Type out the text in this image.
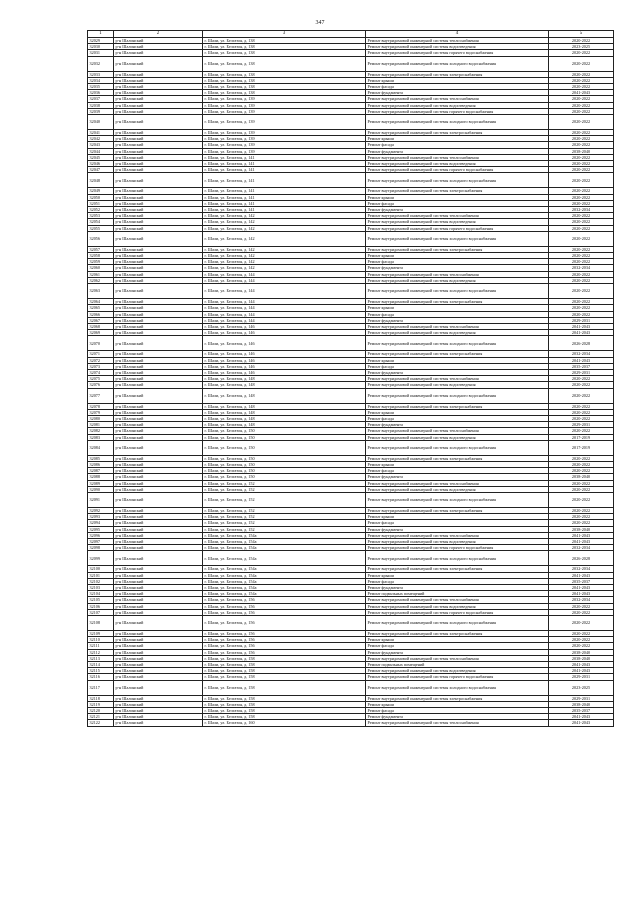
347
1	2	3	4	5
32029	р-н Шалинский	г. Шали, ул. Белгатоя, д. 138	Ремонт внутридомовой инженерной системы теплоснабжения	2020-2022
32030	р-н Шалинский	г. Шали, ул. Белгатоя, д. 138	Ремонт внутридомовой инженерной системы водоотведения	2023-2025
32031	р-н Шалинский	г. Шали, ул. Белгатоя, д. 138	Ремонт внутридомовой инженерной системы горячего водоснабжения	2020-2022
32032	р-н Шалинский	г. Шали, ул. Белгатоя, д. 138	Ремонт внутридомовой инженерной системы холодного водоснабжения	2020-2022
32033	р-н Шалинский	г. Шали, ул. Белгатоя, д. 138	Ремонт внутридомовой инженерной системы электроснабжения	2020-2022
32034	р-н Шалинский	г. Шали, ул. Белгатоя, д. 138	Ремонт крыши	2020-2022
32035	р-н Шалинский	г. Шали, ул. Белгатоя, д. 138	Ремонт фасада	2020-2022
32036	р-н Шалинский	г. Шали, ул. Белгатоя, д. 138	Ремонт фундамента	2041-2043
32037	р-н Шалинский	г. Шали, ул. Белгатоя, д. 139	Ремонт внутридомовой инженерной системы теплоснабжения	2020-2022
32038	р-н Шалинский	г. Шали, ул. Белгатоя, д. 139	Ремонт внутридомовой инженерной системы водоотведения	2020-2022
32039	р-н Шалинский	г. Шали, ул. Белгатоя, д. 139	Ремонт внутридомовой инженерной системы горячего водоснабжения	2020-2022
32040	р-н Шалинский	г. Шали, ул. Белгатоя, д. 139	Ремонт внутридомовой инженерной системы холодного водоснабжения	2020-2022
32041	р-н Шалинский	г. Шали, ул. Белгатоя, д. 139	Ремонт внутридомовой инженерной системы электроснабжения	2020-2022
32042	р-н Шалинский	г. Шали, ул. Белгатоя, д. 139	Ремонт крыши	2020-2022
32043	р-н Шалинский	г. Шали, ул. Белгатоя, д. 139	Ремонт фасада	2020-2022
32044	р-н Шалинский	г. Шали, ул. Белгатоя, д. 139	Ремонт фундамента	2038-2040
32045	р-н Шалинский	г. Шали, ул. Белгатоя, д. 141	Ремонт внутридомовой инженерной системы теплоснабжения	2020-2022
32046	р-н Шалинский	г. Шали, ул. Белгатоя, д. 141	Ремонт внутридомовой инженерной системы водоотведения	2020-2022
32047	р-н Шалинский	г. Шали, ул. Белгатоя, д. 141	Ремонт внутридомовой инженерной системы горячего водоснабжения	2020-2022
32048	р-н Шалинский	г. Шали, ул. Белгатоя, д. 141	Ремонт внутридомовой инженерной системы холодного водоснабжения	2020-2022
32049	р-н Шалинский	г. Шали, ул. Белгатоя, д. 141	Ремонт внутридомовой инженерной системы электроснабжения	2020-2022
32050	р-н Шалинский	г. Шали, ул. Белгатоя, д. 141	Ремонт крыши	2020-2022
32051	р-н Шалинский	г. Шали, ул. Белгатоя, д. 141	Ремонт фасада	2020-2022
32052	р-н Шалинский	г. Шали, ул. Белгатоя, д. 141	Ремонт фундамента	2032-2034
32053	р-н Шалинский	г. Шали, ул. Белгатоя, д. 142	Ремонт внутридомовой инженерной системы теплоснабжения	2020-2022
32054	р-н Шалинский	г. Шали, ул. Белгатоя, д. 142	Ремонт внутридомовой инженерной системы водоотведения	2020-2022
32055	р-н Шалинский	г. Шали, ул. Белгатоя, д. 142	Ремонт внутридомовой инженерной системы горячего водоснабжения	2020-2022
32056	р-н Шалинский	г. Шали, ул. Белгатоя, д. 142	Ремонт внутридомовой инженерной системы холодного водоснабжения	2020-2022
32057	р-н Шалинский	г. Шали, ул. Белгатоя, д. 142	Ремонт внутридомовой инженерной системы электроснабжения	2020-2022
32058	р-н Шалинский	г. Шали, ул. Белгатоя, д. 142	Ремонт крыши	2020-2022
32059	р-н Шалинский	г. Шали, ул. Белгатоя, д. 142	Ремонт фасада	2020-2022
32060	р-н Шалинский	г. Шали, ул. Белгатоя, д. 142	Ремонт фундамента	2032-2034
32061	р-н Шалинский	г. Шали, ул. Белгатоя, д. 144	Ремонт внутридомовой инженерной системы теплоснабжения	2020-2022
32062	р-н Шалинский	г. Шали, ул. Белгатоя, д. 144	Ремонт внутридомовой инженерной системы водоотведения	2020-2022
32063	р-н Шалинский	г. Шали, ул. Белгатоя, д. 144	Ремонт внутридомовой инженерной системы холодного водоснабжения	2020-2022
32064	р-н Шалинский	г. Шали, ул. Белгатоя, д. 144	Ремонт внутридомовой инженерной системы электроснабжения	2020-2022
32065	р-н Шалинский	г. Шали, ул. Белгатоя, д. 144	Ремонт крыши	2020-2022
32066	р-н Шалинский	г. Шали, ул. Белгатоя, д. 144	Ремонт фасада	2020-2022
32067	р-н Шалинский	г. Шали, ул. Белгатоя, д. 144	Ремонт фундамента	2029-2031
32068	р-н Шалинский	г. Шали, ул. Белгатоя, д. 146	Ремонт внутридомовой инженерной системы теплоснабжения	2041-2043
32069	р-н Шалинский	г. Шали, ул. Белгатоя, д. 146	Ремонт внутридомовой инженерной системы водоотведения	2041-2043
32070	р-н Шалинский	г. Шали, ул. Белгатоя, д. 146	Ремонт внутридомовой инженерной системы холодного водоснабжения	2026-2028
32071	р-н Шалинский	г. Шали, ул. Белгатоя, д. 146	Ремонт внутридомовой инженерной системы электроснабжения	2032-2034
32072	р-н Шалинский	г. Шали, ул. Белгатоя, д. 146	Ремонт крыши	2041-2043
32073	р-н Шалинский	г. Шали, ул. Белгатоя, д. 146	Ремонт фасада	2035-2037
32074	р-н Шалинский	г. Шали, ул. Белгатоя, д. 146	Ремонт фундамента	2029-2031
32075	р-н Шалинский	г. Шали, ул. Белгатоя, д. 148	Ремонт внутридомовой инженерной системы теплоснабжения	2020-2022
32076	р-н Шалинский	г. Шали, ул. Белгатоя, д. 148	Ремонт внутридомовой инженерной системы водоотведения	2020-2022
32077	р-н Шалинский	г. Шали, ул. Белгатоя, д. 148	Ремонт внутридомовой инженерной системы холодного водоснабжения	2020-2022
32078	р-н Шалинский	г. Шали, ул. Белгатоя, д. 148	Ремонт внутридомовой инженерной системы электроснабжения	2020-2022
32079	р-н Шалинский	г. Шали, ул. Белгатоя, д. 148	Ремонт крыши	2020-2022
32080	р-н Шалинский	г. Шали, ул. Белгатоя, д. 148	Ремонт фасада	2020-2022
32081	р-н Шалинский	г. Шали, ул. Белгатоя, д. 148	Ремонт фундамента	2029-2031
32082	р-н Шалинский	г. Шали, ул. Белгатоя, д. 150	Ремонт внутридомовой инженерной системы теплоснабжения	2020-2022
32083	р-н Шалинский	г. Шали, ул. Белгатоя, д. 150	Ремонт внутридомовой инженерной системы водоотведения	2017-2019
32084	р-н Шалинский	г. Шали, ул. Белгатоя, д. 150	Ремонт внутридомовой инженерной системы холодного водоснабжения	2017-2019
32085	р-н Шалинский	г. Шали, ул. Белгатоя, д. 150	Ремонт внутридомовой инженерной системы электроснабжения	2020-2022
32086	р-н Шалинский	г. Шали, ул. Белгатоя, д. 150	Ремонт крыши	2020-2022
32087	р-н Шалинский	г. Шали, ул. Белгатоя, д. 150	Ремонт фасада	2020-2022
32088	р-н Шалинский	г. Шали, ул. Белгатоя, д. 150	Ремонт фундамента	2038-2040
32089	р-н Шалинский	г. Шали, ул. Белгатоя, д. 152	Ремонт внутридомовой инженерной системы теплоснабжения	2020-2022
32090	р-н Шалинский	г. Шали, ул. Белгатоя, д. 152	Ремонт внутридомовой инженерной системы водоотведения	2020-2022
32091	р-н Шалинский	г. Шали, ул. Белгатоя, д. 152	Ремонт внутридомовой инженерной системы холодного водоснабжения	2020-2022
32092	р-н Шалинский	г. Шали, ул. Белгатоя, д. 152	Ремонт внутридомовой инженерной системы электроснабжения	2020-2022
32093	р-н Шалинский	г. Шали, ул. Белгатоя, д. 152	Ремонт крыши	2020-2022
32094	р-н Шалинский	г. Шали, ул. Белгатоя, д. 152	Ремонт фасада	2020-2022
32095	р-н Шалинский	г. Шали, ул. Белгатоя, д. 152	Ремонт фундамента	2038-2040
32096	р-н Шалинский	г. Шали, ул. Белгатоя, д. 154а	Ремонт внутридомовой инженерной системы теплоснабжения	2041-2043
32097	р-н Шалинский	г. Шали, ул. Белгатоя, д. 154а	Ремонт внутридомовой инженерной системы водоотведения	2041-2043
32098	р-н Шалинский	г. Шали, ул. Белгатоя, д. 154а	Ремонт внутридомовой инженерной системы горячего водоснабжения	2032-2034
32099	р-н Шалинский	г. Шали, ул. Белгатоя, д. 154а	Ремонт внутридомовой инженерной системы холодного водоснабжения	2026-2028
32100	р-н Шалинский	г. Шали, ул. Белгатоя, д. 154а	Ремонт внутридомовой инженерной системы электроснабжения	2032-2034
32101	р-н Шалинский	г. Шали, ул. Белгатоя, д. 154а	Ремонт крыши	2041-2043
32102	р-н Шалинский	г. Шали, ул. Белгатоя, д. 154а	Ремонт фасада	2035-2037
32103	р-н Шалинский	г. Шали, ул. Белгатоя, д. 154а	Ремонт фундамента	2041-2043
32104	р-н Шалинский	г. Шали, ул. Белгатоя, д. 154а	Ремонт подвальных помещений	2041-2043
32105	р-н Шалинский	г. Шали, ул. Белгатоя, д. 156	Ремонт внутридомовой инженерной системы теплоснабжения	2032-2034
32106	р-н Шалинский	г. Шали, ул. Белгатоя, д. 156	Ремонт внутридомовой инженерной системы водоотведения	2020-2022
32107	р-н Шалинский	г. Шали, ул. Белгатоя, д. 156	Ремонт внутридомовой инженерной системы горячего водоснабжения	2020-2022
32108	р-н Шалинский	г. Шали, ул. Белгатоя, д. 156	Ремонт внутридомовой инженерной системы холодного водоснабжения	2020-2022
32109	р-н Шалинский	г. Шали, ул. Белгатоя, д. 156	Ремонт внутридомовой инженерной системы электроснабжения	2020-2022
32110	р-н Шалинский	г. Шали, ул. Белгатоя, д. 156	Ремонт крыши	2020-2022
32111	р-н Шалинский	г. Шали, ул. Белгатоя, д. 156	Ремонт фасада	2020-2022
32112	р-н Шалинский	г. Шали, ул. Белгатоя, д. 156	Ремонт фундамента	2038-2040
32113	р-н Шалинский	г. Шали, ул. Белгатоя, д. 158	Ремонт внутридомовой инженерной системы теплоснабжения	2038-2040
32114	р-н Шалинский	г. Шали, ул. Белгатоя, д. 158	Ремонт подвальных помещений	2041-2043
32115	р-н Шалинский	г. Шали, ул. Белгатоя, д. 158	Ремонт внутридомовой инженерной системы водоотведения	2041-2043
32116	р-н Шалинский	г. Шали, ул. Белгатоя, д. 158	Ремонт внутридомовой инженерной системы горячего водоснабжения	2029-2031
32117	р-н Шалинский	г. Шали, ул. Белгатоя, д. 158	Ремонт внутридомовой инженерной системы холодного водоснабжения	2023-2025
32118	р-н Шалинский	г. Шали, ул. Белгатоя, д. 158	Ремонт внутридомовой инженерной системы электроснабжения	2029-2031
32119	р-н Шалинский	г. Шали, ул. Белгатоя, д. 158	Ремонт крыши	2038-2040
32120	р-н Шалинский	г. Шали, ул. Белгатоя, д. 158	Ремонт фасада	2035-2037
32121	р-н Шалинский	г. Шали, ул. Белгатоя, д. 158	Ремонт фундамента	2041-2043
32122	р-н Шалинский	г. Шали, ул. Белгатоя, д. 160	Ремонт внутридомовой инженерной системы теплоснабжения	2041-2043
